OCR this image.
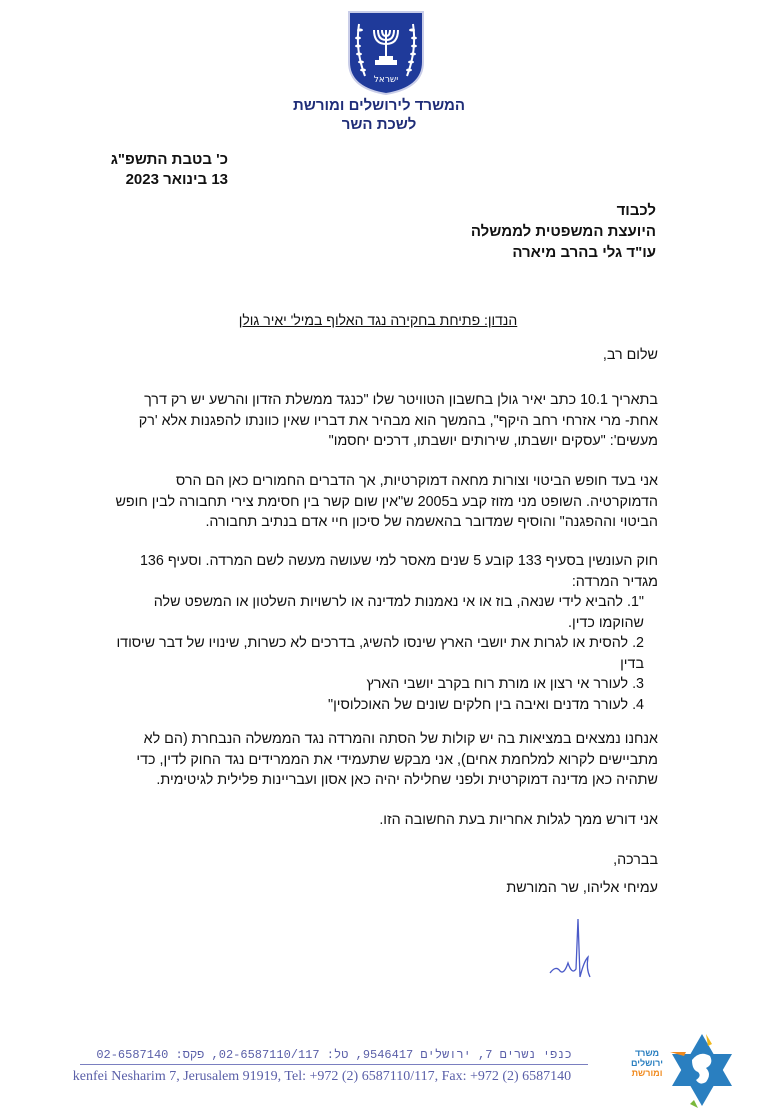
ישראל
המשרד לירושלים ומורשת
לשכת השר
כ' בטבת התשפ"ג
13 בינואר 2023
לכבוד
היועצת המשפטית לממשלה
עו"ד גלי בהרב מיארה
הנדון: פתיחת בחקירה נגד האלוף במיל' יאיר גולן
שלום רב,

בתאריך 10.1 כתב יאיר גולן בחשבון הטוויטר שלו "כנגד ממשלת הזדון והרשע יש רק דרך אחת- מרי אזרחי רחב היקף", בהמשך הוא מבהיר את דבריו שאין כוונתו להפגנות אלא 'רק מעשים': "עסקים יושבתו, שירותים יושבתו, דרכים יחסמו"

אני בעד חופש הביטוי וצורות מחאה דמוקרטיות, אך הדברים החמורים כאן הם הרס הדמוקרטיה. השופט מני מזוז קבע ב2005 ש"אין שום קשר בין חסימת צירי תחבורה לבין חופש הביטוי וההפגנה" והוסיף שמדובר בהאשמה של סיכון חיי אדם בנתיב תחבורה.

חוק העונשין בסעיף 133 קובע 5 שנים מאסר למי שעושה מעשה לשם המרדה. וסעיף 136 מגדיר המרדה:
"1. להביא לידי שנאה, בוז או אי נאמנות למדינה או לרשויות השלטון או המשפט שלה שהוקמו כדין.
2. להסית או לגרות את יושבי הארץ שינסו להשיג, בדרכים לא כשרות, שינויו של דבר שיסודו בדין
3. לעורר אי רצון או מורת רוח בקרב יושבי הארץ
4. לעורר מדנים ואיבה בין חלקים שונים של האוכלוסין"

אנחנו נמצאים במציאות בה יש קולות של הסתה והמרדה נגד הממשלה הנבחרת (הם לא מתביישים לקרוא למלחמת אחים), אני מבקש שתעמידי את הממרידים נגד החוק לדין, כדי שתהיה כאן מדינה דמוקרטית ולפני שחלילה יהיה כאן אסון ועבריינות פלילית לגיטימית.

אני דורש ממך לגלות אחריות בעת החשובה הזו.
בברכה,
עמיחי אליהו, שר המורשת
כנפי נשרים 7, ירושלים 9546417, טל: 02-6587110/117, פקס: 02-6587140
kenfei Nesharim 7, Jerusalem 91919, Tel: +972 (2) 6587110/117, Fax: +972 (2) 6587140
משרד
ירושלים
ומורשת
